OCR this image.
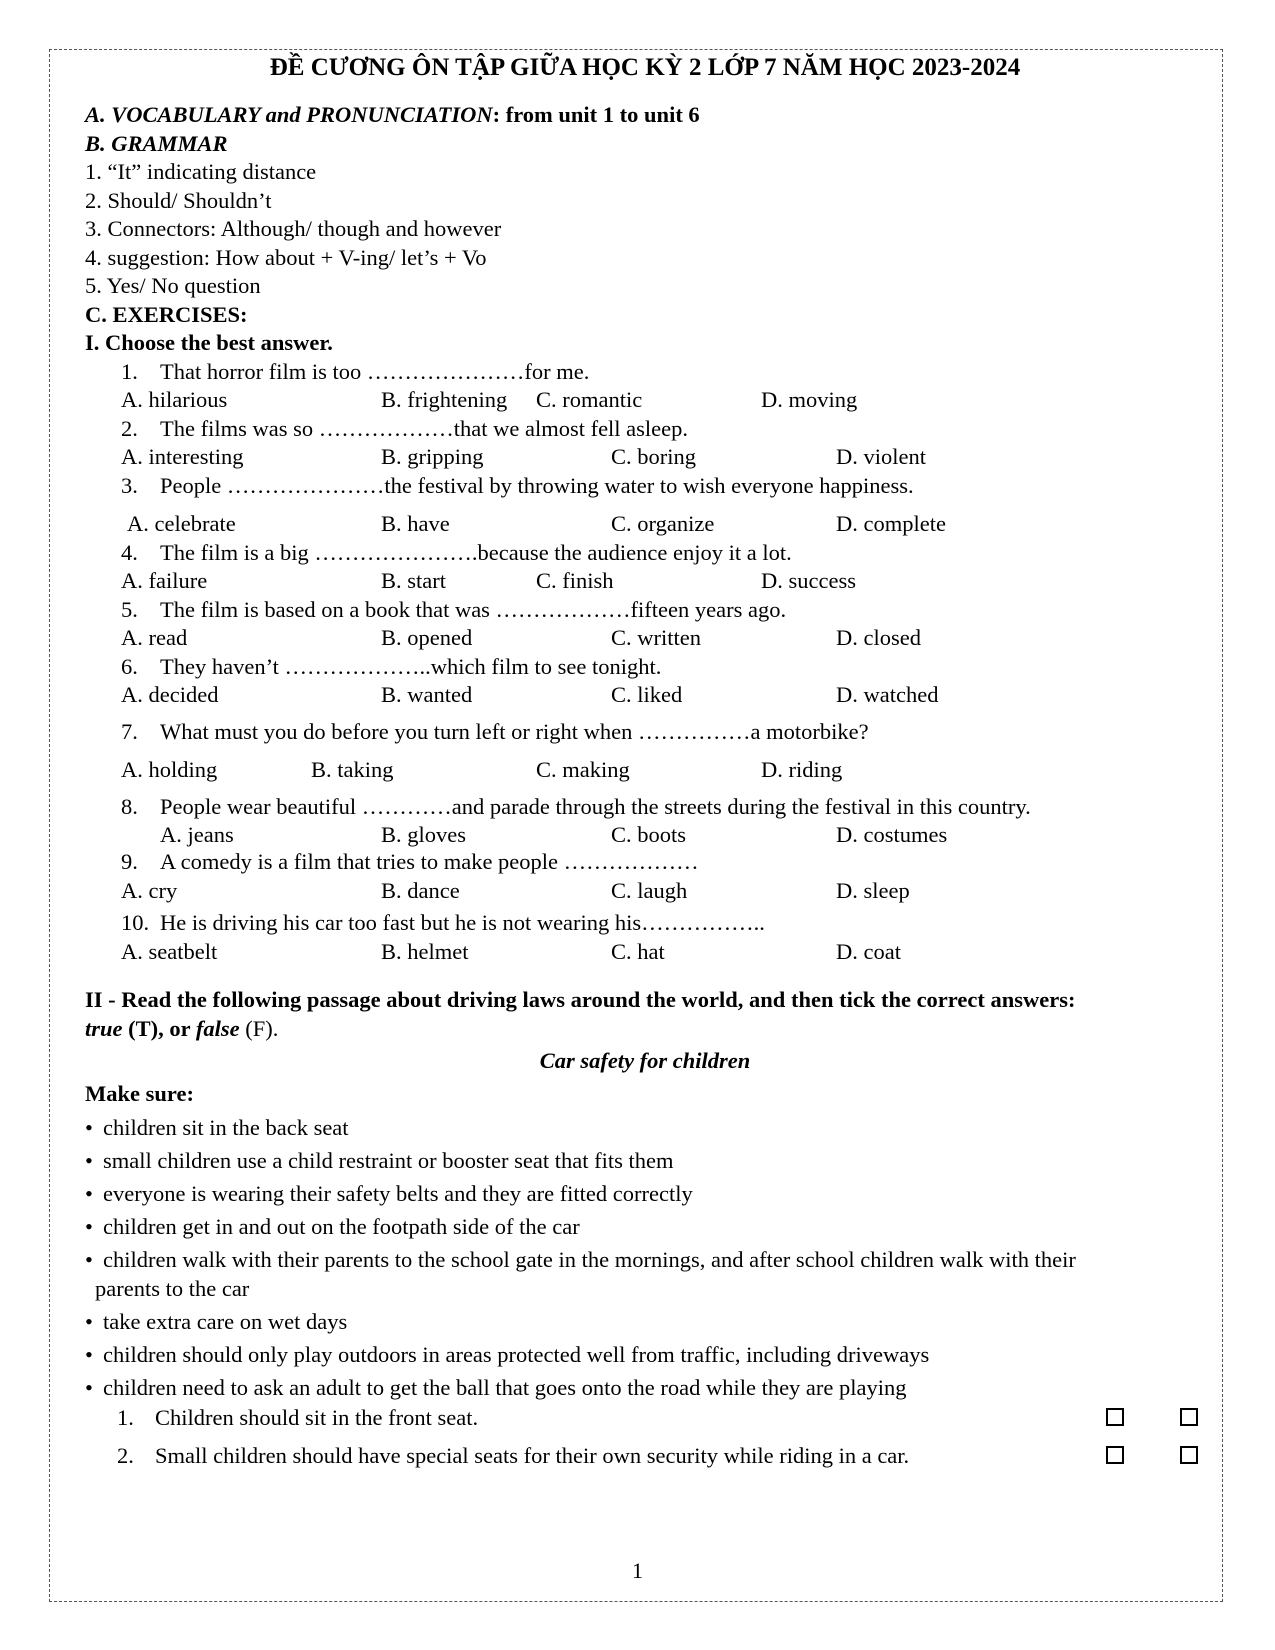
ĐỀ CƯƠNG ÔN TẬP GIỮA HỌC KỲ 2 LỚP 7 NĂM HỌC 2023-2024
A. VOCABULARY and PRONUNCIATION: from unit 1 to unit 6
B. GRAMMAR
1. “It” indicating distance
2. Should/ Shouldn’t
3. Connectors: Although/ though and however
4. suggestion: How about + V-ing/ let’s + Vo
5. Yes/ No question
C. EXERCISES:
I. Choose the best answer.
1. That horror film is too …………………for me.
A. hilarious	B. frightening C. romantic	D. moving
2. The films was so ………………that we almost fell asleep.
A. interesting	B. gripping	C. boring	D. violent
3. People …………………the festival by throwing water to wish everyone happiness.
A. celebrate	B. have	C. organize	D. complete
4. The film is a big ………………….because the audience enjoy it a lot.
A. failure	B. start	C. finish	D. success
5. The film is based on a book that was ………………fifteen years ago.
A. read	B. opened	C. written	D. closed
6. They haven’t ………………..which film to see tonight.
A. decided	B. wanted	C. liked	D. watched
7. What must you do before you turn left or right when ……………a motorbike?
A. holding	B. taking	C. making	D. riding
8. People wear beautiful …………and parade through the streets during the festival in this country.
A. jeans	B. gloves	C. boots	D. costumes
9. A comedy is a film that tries to make people ………………
A. cry	B. dance	C. laugh	D. sleep
10. He is driving his car too fast but he is not wearing his……………..
A. seatbelt	B. helmet	C. hat	D. coat
II - Read the following passage about driving laws around the world, and then tick the correct answers:
true (T), or false (F).
Car safety for children
Make sure:
• children sit in the back seat
• small children use a child restraint or booster seat that fits them
• everyone is wearing their safety belts and they are fitted correctly
• children get in and out on the footpath side of the car
• children walk with their parents to the school gate in the mornings, and after school children walk with their
parents to the car
• take extra care on wet days
• children should only play outdoors in areas protected well from traffic, including driveways
• children need to ask an adult to get the ball that goes onto the road while they are playing
1. Children should sit in the front seat.
2. Small children should have special seats for their own security while riding in a car.
1
